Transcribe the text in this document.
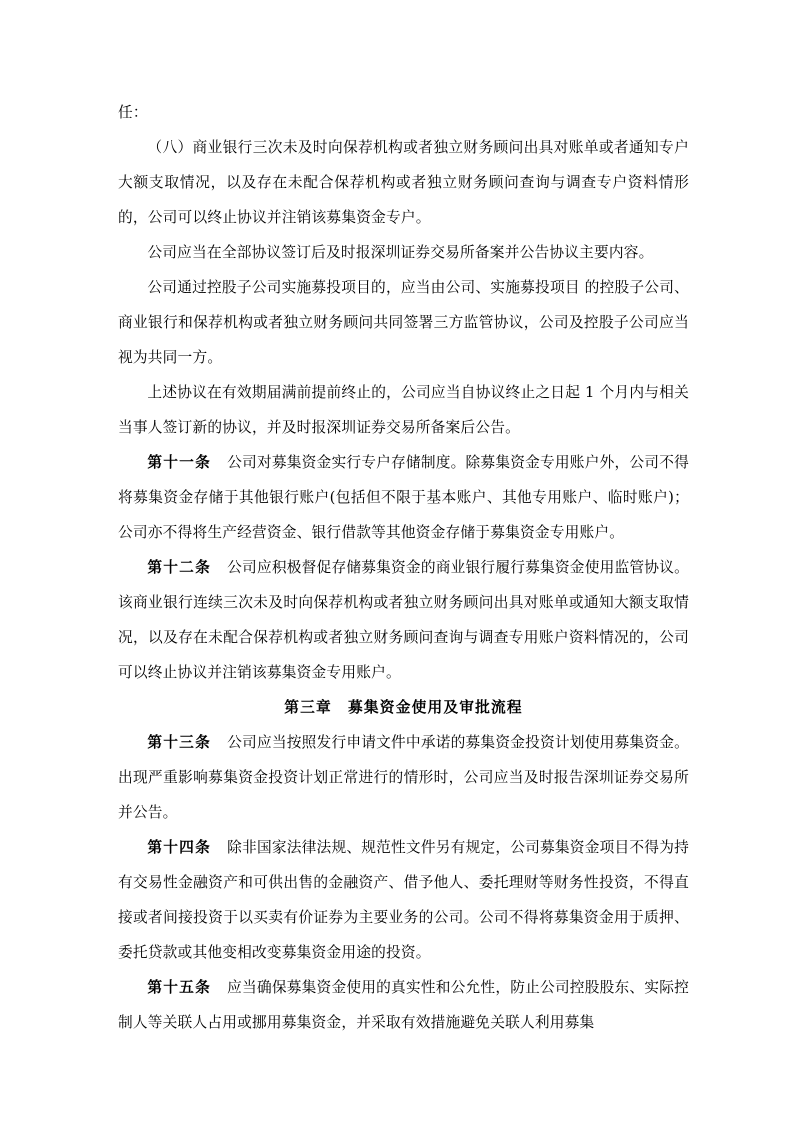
任：

（八）商业银行三次未及时向保荐机构或者独立财务顾问出具对账单或者通知专户大额支取情况，以及存在未配合保荐机构或者独立财务顾问查询与调查专户资料情形的，公司可以终止协议并注销该募集资金专户。

公司应当在全部协议签订后及时报深圳证券交易所备案并公告协议主要内容。

公司通过控股子公司实施募投项目的，应当由公司、实施募投项目 的控股子公司、商业银行和保荐机构或者独立财务顾问共同签署三方监管协议，公司及控股子公司应当视为共同一方。

上述协议在有效期届满前提前终止的，公司应当自协议终止之日起 1 个月内与相关当事人签订新的协议，并及时报深圳证券交易所备案后公告。

第十一条 公司对募集资金实行专户存储制度。除募集资金专用账户外，公司不得将募集资金存储于其他银行账户(包括但不限于基本账户、其他专用账户、临时账户)；公司亦不得将生产经营资金、银行借款等其他资金存储于募集资金专用账户。

第十二条 公司应积极督促存储募集资金的商业银行履行募集资金使用监管协议。该商业银行连续三次未及时向保荐机构或者独立财务顾问出具对账单或通知大额支取情况，以及存在未配合保荐机构或者独立财务顾问查询与调查专用账户资料情况的，公司可以终止协议并注销该募集资金专用账户。

第三章 募集资金使用及审批流程

第十三条 公司应当按照发行申请文件中承诺的募集资金投资计划使用募集资金。出现严重影响募集资金投资计划正常进行的情形时，公司应当及时报告深圳证券交易所并公告。

第十四条 除非国家法律法规、规范性文件另有规定，公司募集资金项目不得为持有交易性金融资产和可供出售的金融资产、借予他人、委托理财等财务性投资，不得直接或者间接投资于以买卖有价证券为主要业务的公司。公司不得将募集资金用于质押、委托贷款或其他变相改变募集资金用途的投资。

第十五条 应当确保募集资金使用的真实性和公允性，防止公司控股股东、实际控制人等关联人占用或挪用募集资金，并采取有效措施避免关联人利用募集
